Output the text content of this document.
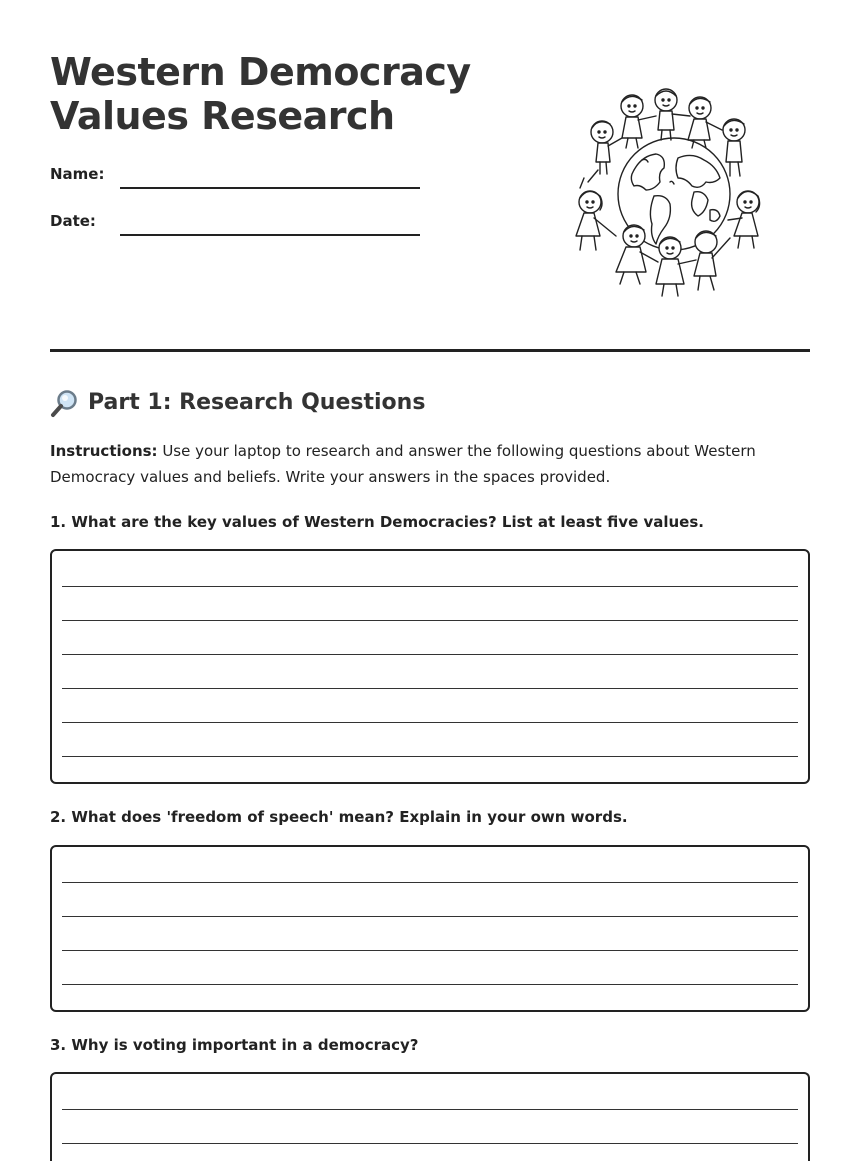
Western Democracy
Values Research
Name:
Date:
Part 1: Research Questions
Instructions: Use your laptop to research and answer the following questions about Western Democracy values and beliefs. Write your answers in the spaces provided.
1. What are the key values of Western Democracies? List at least five values.
2. What does 'freedom of speech' mean? Explain in your own words.
3. Why is voting important in a democracy?
